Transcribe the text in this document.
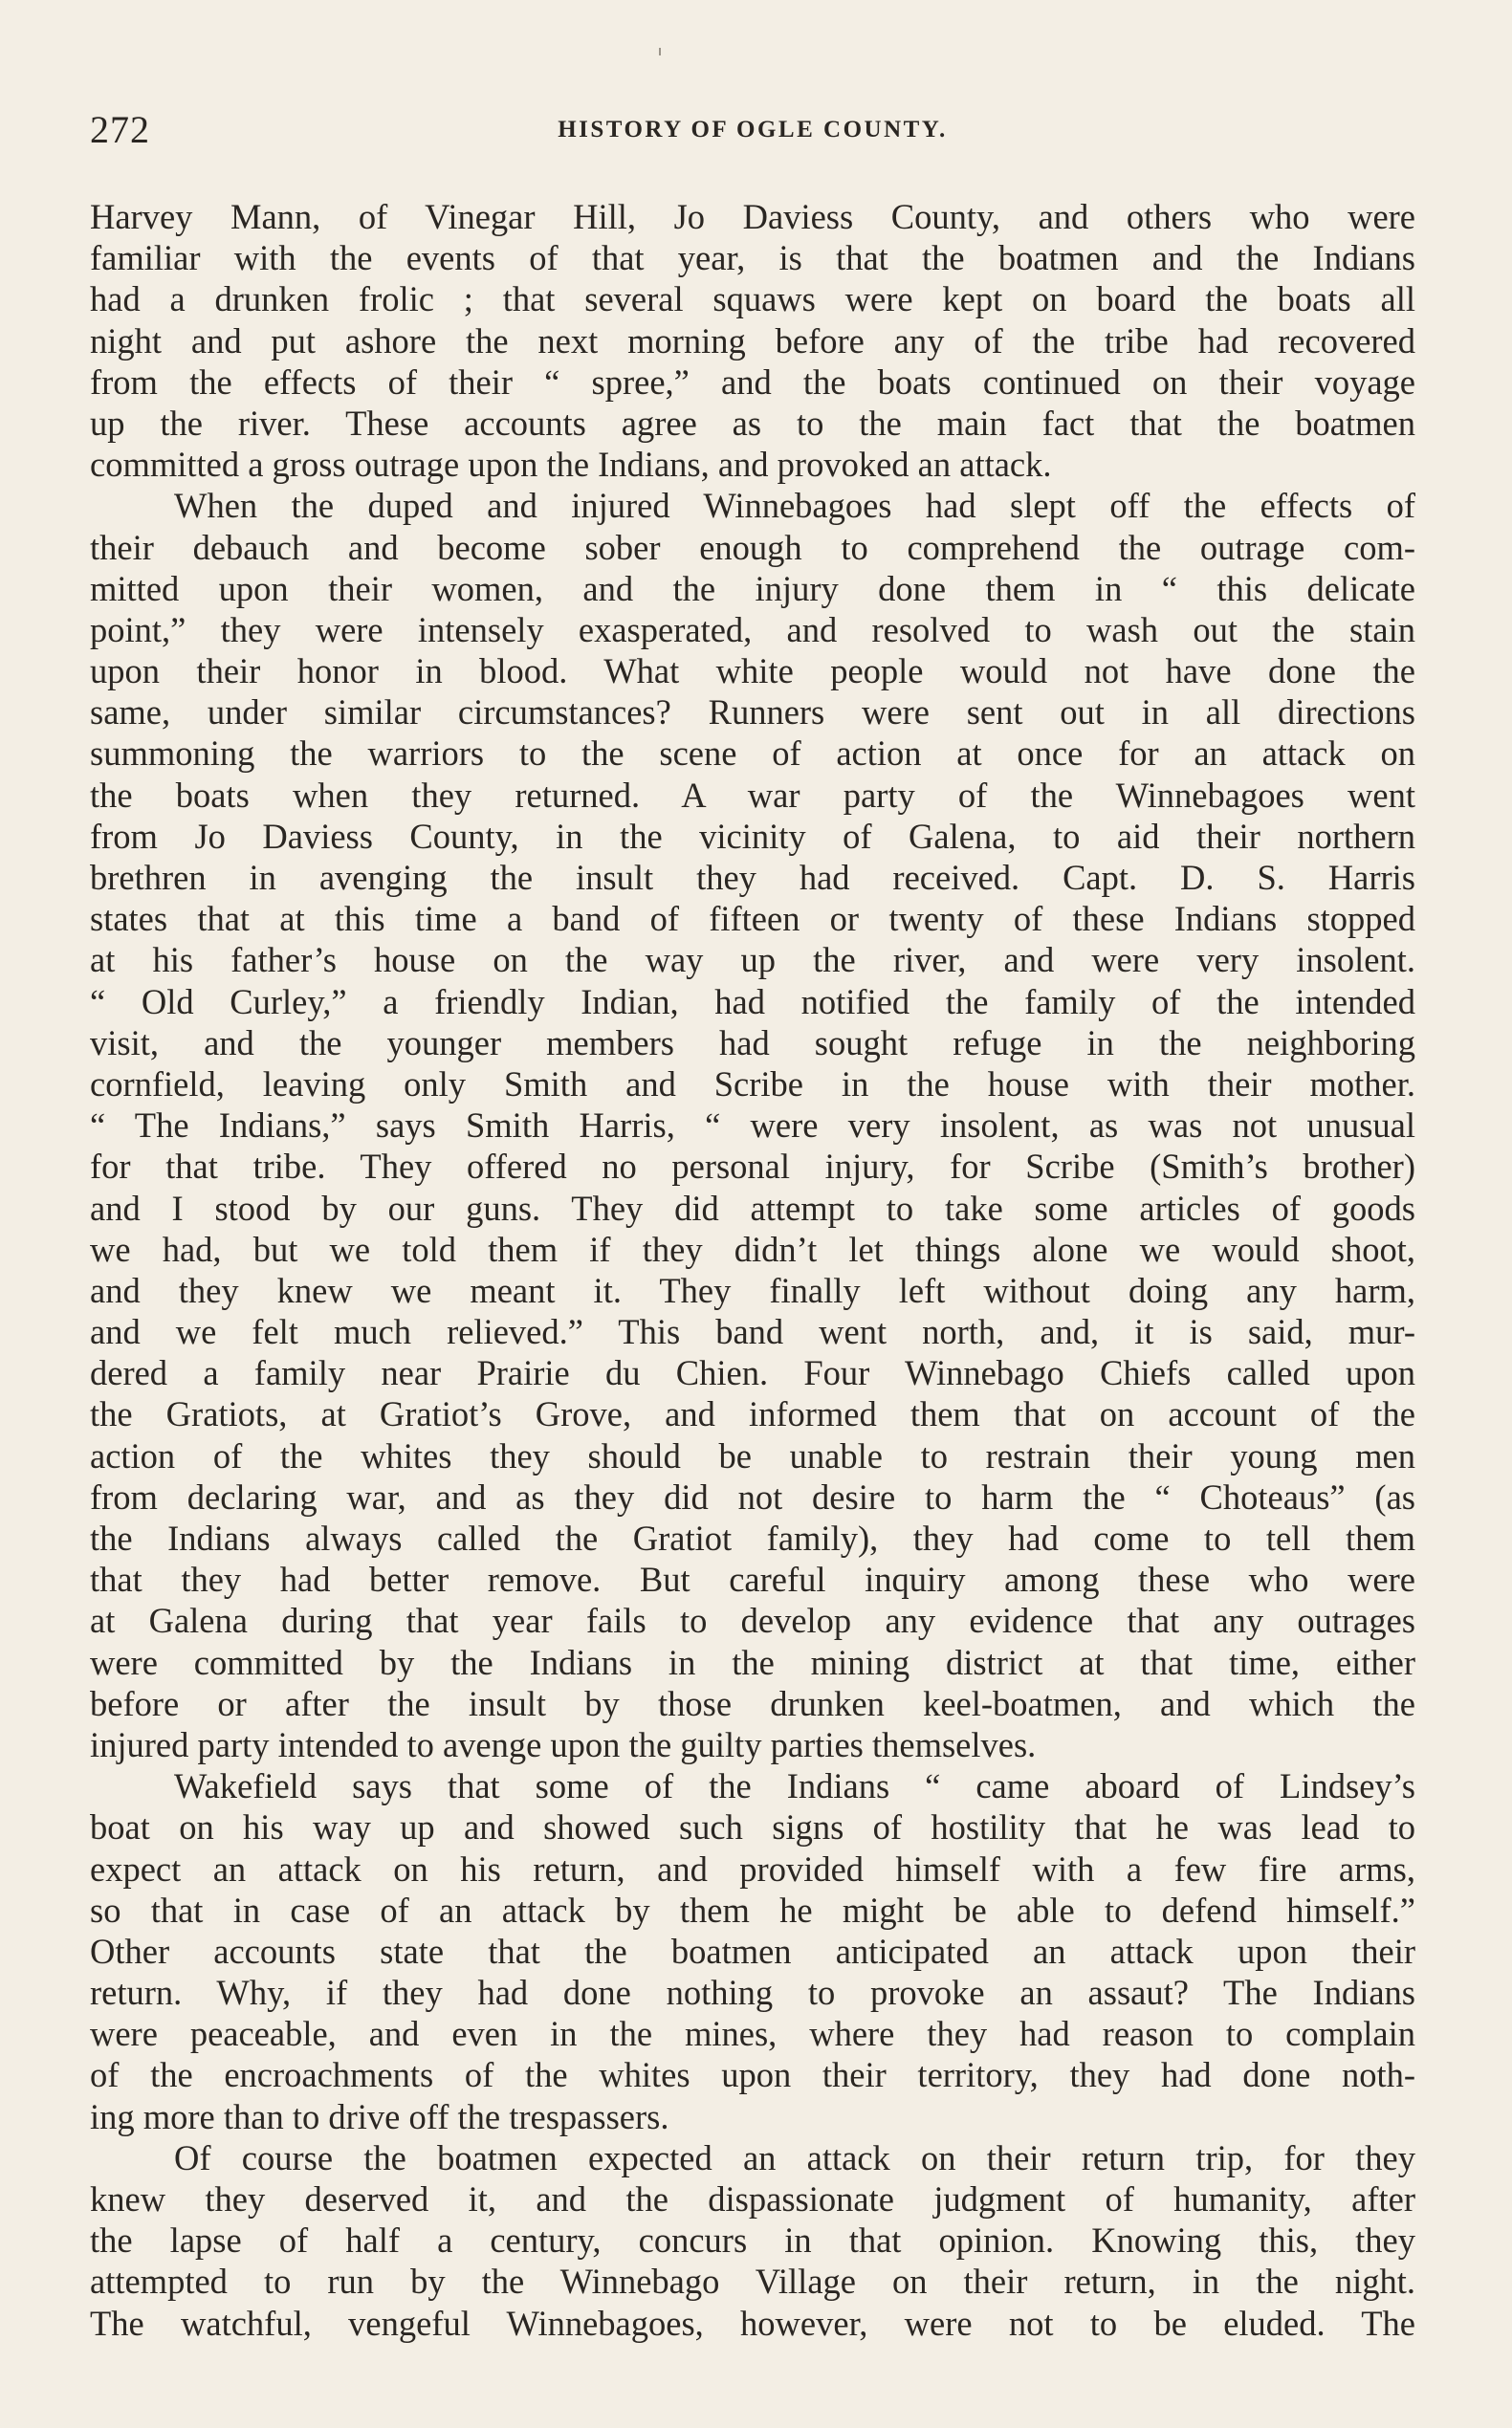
272	HISTORY OF OGLE COUNTY.
Harvey Mann, of Vinegar Hill, Jo Daviess County, and others who were
familiar with the events of that year, is that the boatmen and the Indians
had a drunken frolic ; that several squaws were kept on board the boats all
night and put ashore the next morning before any of the tribe had recovered
from the effects of their “ spree,” and the boats continued on their voyage
up the river. These accounts agree as to the main fact that the boatmen
committed a gross outrage upon the Indians, and provoked an attack.
When the duped and injured Winnebagoes had slept off the effects of
their debauch and become sober enough to comprehend the outrage com-
mitted upon their women, and the injury done them in “ this delicate
point,” they were intensely exasperated, and resolved to wash out the stain
upon their honor in blood. What white people would not have done the
same, under similar circumstances? Runners were sent out in all directions
summoning the warriors to the scene of action at once for an attack on
the boats when they returned. A war party of the Winnebagoes went
from Jo Daviess County, in the vicinity of Galena, to aid their northern
brethren in avenging the insult they had received. Capt. D. S. Harris
states that at this time a band of fifteen or twenty of these Indians stopped
at his father’s house on the way up the river, and were very insolent.
“ Old Curley,” a friendly Indian, had notified the family of the intended
visit, and the younger members had sought refuge in the neighboring
cornfield, leaving only Smith and Scribe in the house with their mother.
“ The Indians,” says Smith Harris, “ were very insolent, as was not unusual
for that tribe. They offered no personal injury, for Scribe (Smith’s brother)
and I stood by our guns. They did attempt to take some articles of goods
we had, but we told them if they didn’t let things alone we would shoot,
and they knew we meant it. They finally left without doing any harm,
and we felt much relieved.” This band went north, and, it is said, mur-
dered a family near Prairie du Chien. Four Winnebago Chiefs called upon
the Gratiots, at Gratiot’s Grove, and informed them that on account of the
action of the whites they should be unable to restrain their young men
from declaring war, and as they did not desire to harm the “ Choteaus” (as
the Indians always called the Gratiot family), they had come to tell them
that they had better remove. But careful inquiry among these who were
at Galena during that year fails to develop any evidence that any outrages
were committed by the Indians in the mining district at that time, either
before or after the insult by those drunken keel-boatmen, and which the
injured party intended to avenge upon the guilty parties themselves.
Wakefield says that some of the Indians “ came aboard of Lindsey’s
boat on his way up and showed such signs of hostility that he was lead to
expect an attack on his return, and provided himself with a few fire arms,
so that in case of an attack by them he might be able to defend himself.”
Other accounts state that the boatmen anticipated an attack upon their
return. Why, if they had done nothing to provoke an assaut? The Indians
were peaceable, and even in the mines, where they had reason to complain
of the encroachments of the whites upon their territory, they had done noth-
ing more than to drive off the trespassers.
Of course the boatmen expected an attack on their return trip, for they
knew they deserved it, and the dispassionate judgment of humanity, after
the lapse of half a century, concurs in that opinion. Knowing this, they
attempted to run by the Winnebago Village on their return, in the night.
The watchful, vengeful Winnebagoes, however, were not to be eluded. The
